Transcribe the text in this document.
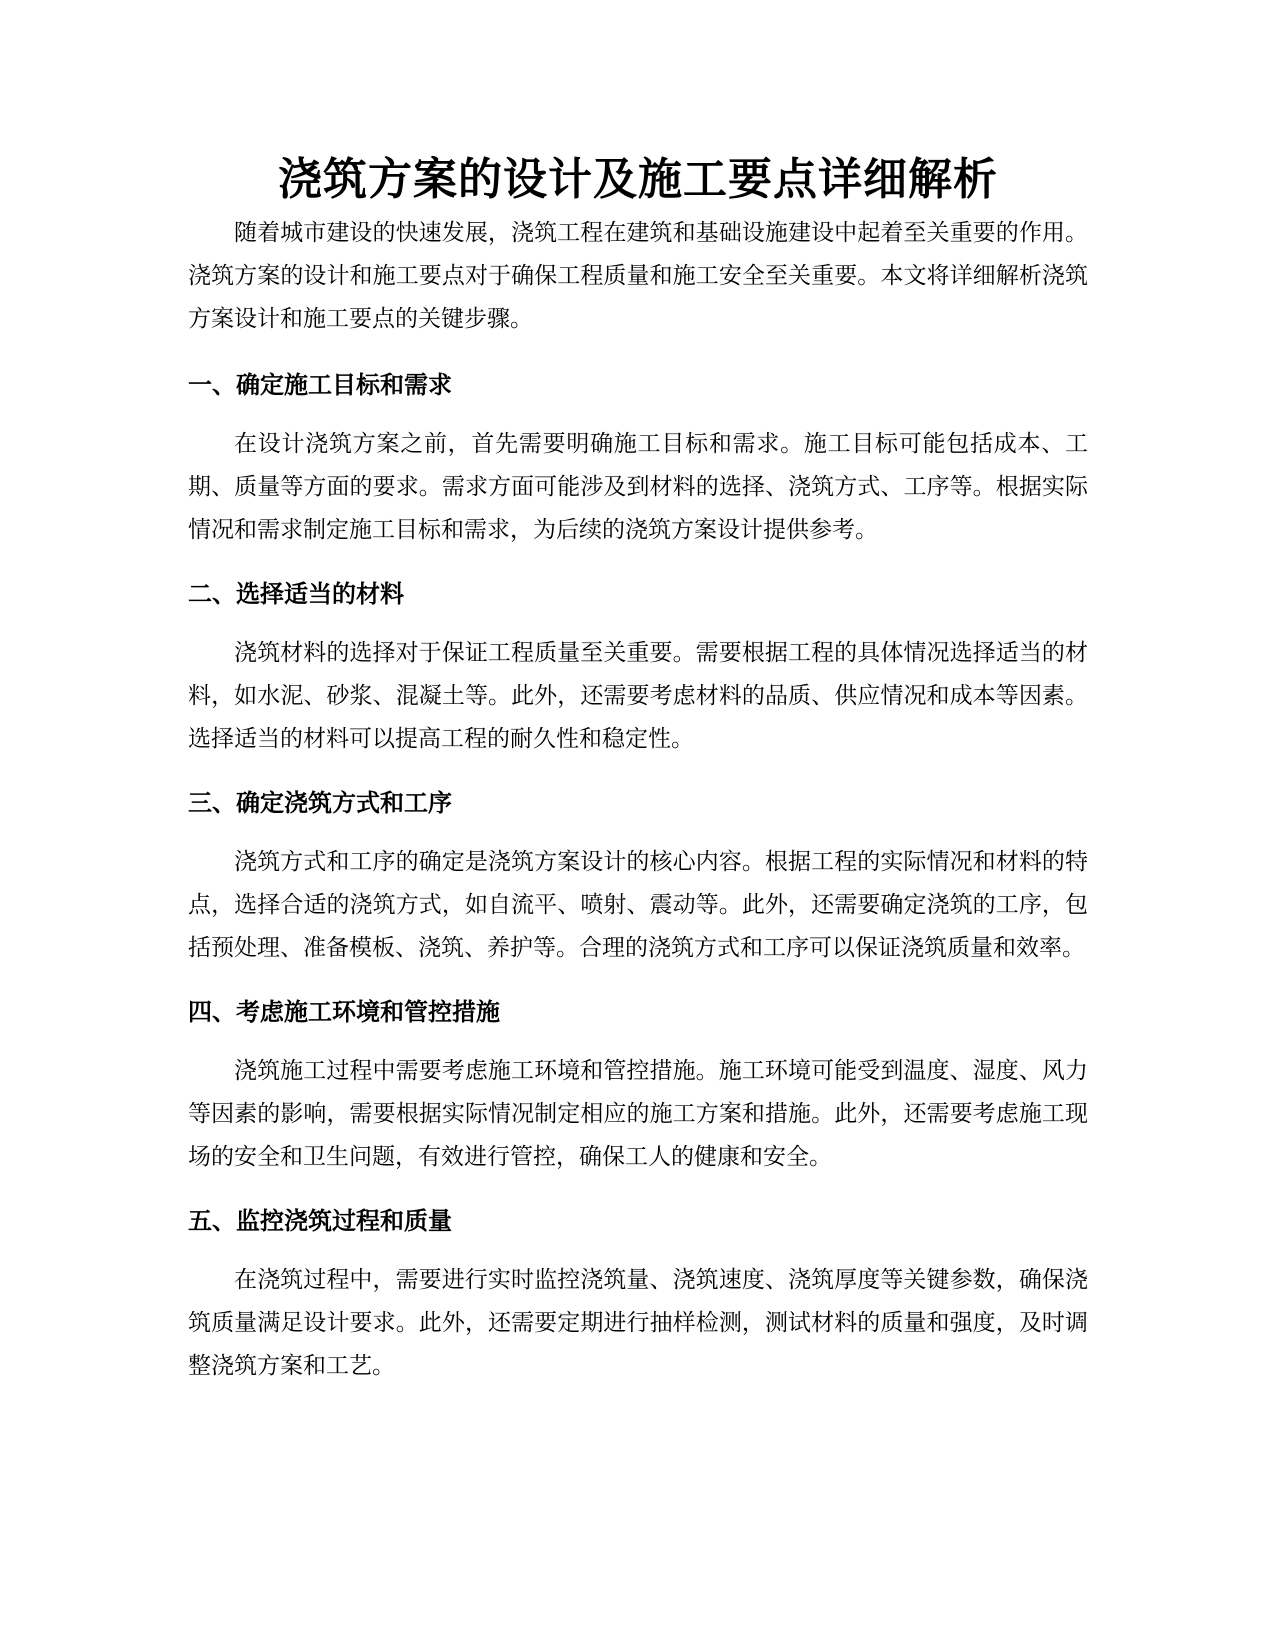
浇筑方案的设计及施工要点详细解析

随着城市建设的快速发展，浇筑工程在建筑和基础设施建设中起着至关重要的作用。浇筑方案的设计和施工要点对于确保工程质量和施工安全至关重要。本文将详细解析浇筑方案设计和施工要点的关键步骤。

一、确定施工目标和需求

在设计浇筑方案之前，首先需要明确施工目标和需求。施工目标可能包括成本、工期、质量等方面的要求。需求方面可能涉及到材料的选择、浇筑方式、工序等。根据实际情况和需求制定施工目标和需求，为后续的浇筑方案设计提供参考。

二、选择适当的材料

浇筑材料的选择对于保证工程质量至关重要。需要根据工程的具体情况选择适当的材料，如水泥、砂浆、混凝土等。此外，还需要考虑材料的品质、供应情况和成本等因素。选择适当的材料可以提高工程的耐久性和稳定性。

三、确定浇筑方式和工序

浇筑方式和工序的确定是浇筑方案设计的核心内容。根据工程的实际情况和材料的特点，选择合适的浇筑方式，如自流平、喷射、震动等。此外，还需要确定浇筑的工序，包括预处理、准备模板、浇筑、养护等。合理的浇筑方式和工序可以保证浇筑质量和效率。

四、考虑施工环境和管控措施

浇筑施工过程中需要考虑施工环境和管控措施。施工环境可能受到温度、湿度、风力等因素的影响，需要根据实际情况制定相应的施工方案和措施。此外，还需要考虑施工现场的安全和卫生问题，有效进行管控，确保工人的健康和安全。

五、监控浇筑过程和质量

在浇筑过程中，需要进行实时监控浇筑量、浇筑速度、浇筑厚度等关键参数，确保浇筑质量满足设计要求。此外，还需要定期进行抽样检测，测试材料的质量和强度，及时调整浇筑方案和工艺。
